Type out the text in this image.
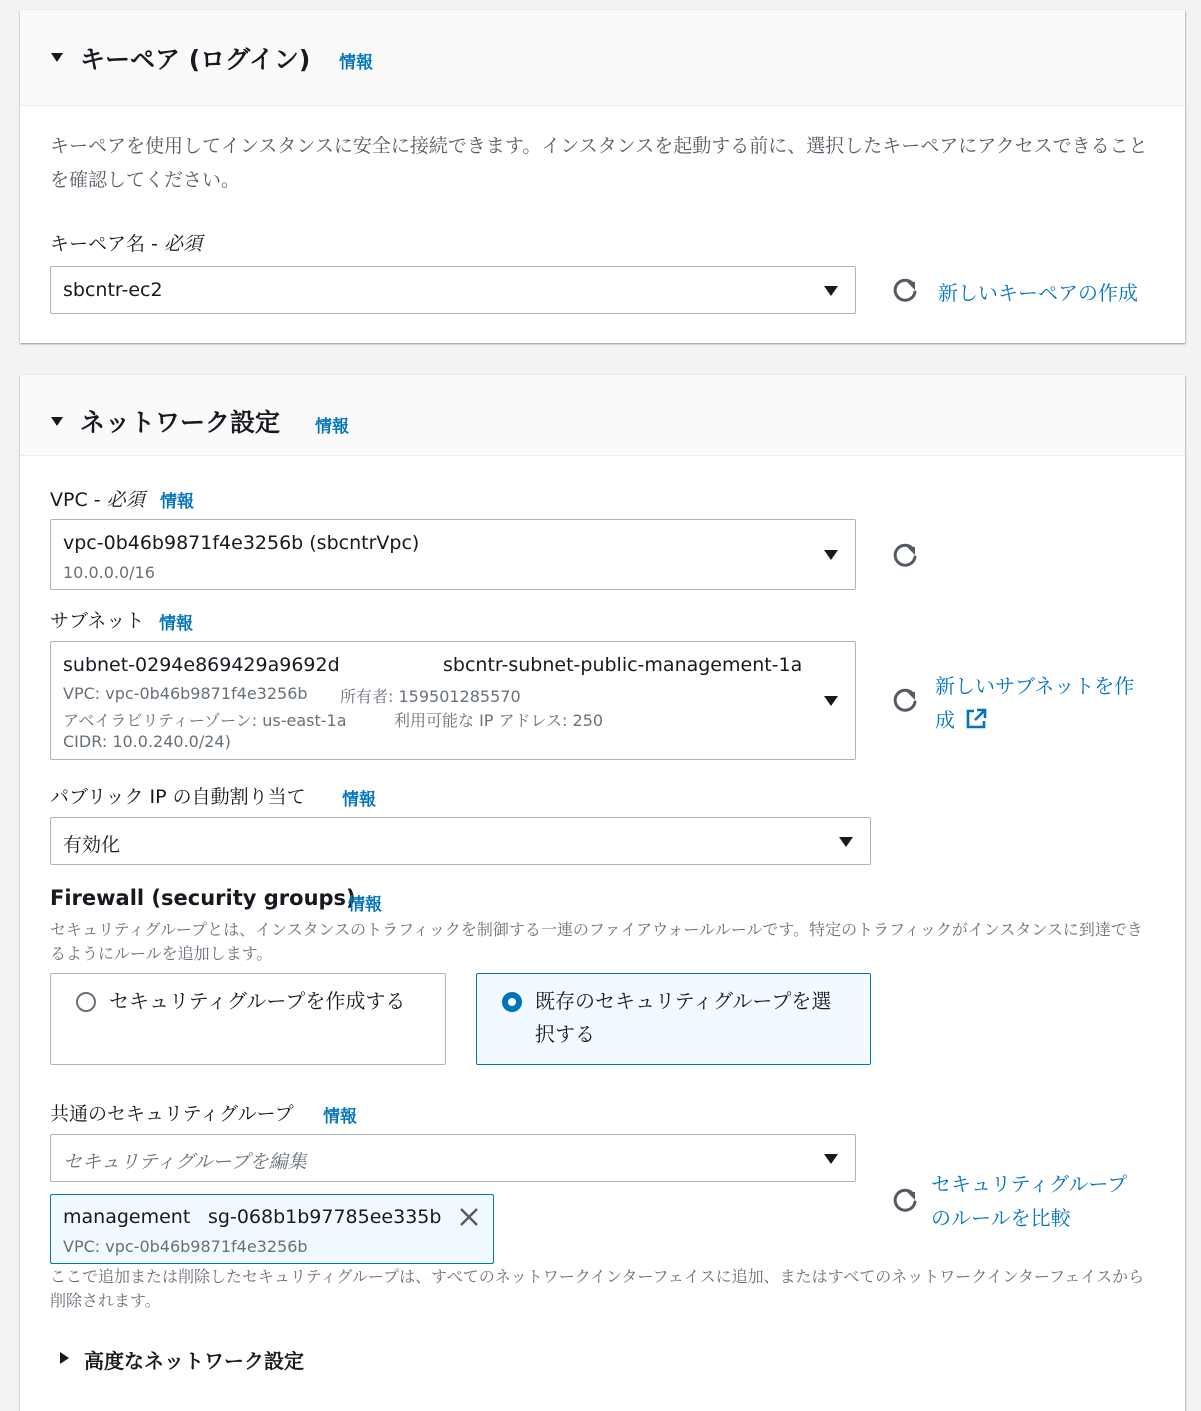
キーペア (ログイン) 情報
キーペアを使用してインスタンスに安全に接続できます。インスタンスを起動する前に、選択したキーペアにアクセスできることを確認してください。
キーペア名 - 必須
sbcntr-ec2	新しいキーペアの作成
ネットワーク設定 情報
VPC - 必須 情報
vpc-0b46b9871f4e3256b (sbcntrVpc)
10.0.0.0/16
サブネット 情報
subnet-0294e869429a9692d	sbcntr-subnet-public-management-1a
VPC: vpc-0b46b9871f4e3256b 所有者: 159501285570
アベイラビリティーゾーン: us-east-1a	利用可能な IP アドレス: 250
CIDR: 10.0.240.0/24)
新しいサブネットを作
成
パブリック IP の自動割り当て 情報
有効化
Firewall (security groups)
情報
セキュリティグループとは、インスタンスのトラフィックを制御する一連のファイアウォールルールです。特定のトラフィックがインスタンスに到達できるようにルールを追加します。
セキュリティグループを作成する	既存のセキュリティグループを選
択する
共通のセキュリティグループ 情報
セキュリティグループを編集
management sg-068b1b97785ee335b
VPC: vpc-0b46b9871f4e3256b
セキュリティグループ
のルールを比較
ここで追加または削除したセキュリティグループは、すべてのネットワークインターフェイスに追加、またはすべてのネットワークインターフェイスから削除されます。
高度なネットワーク設定
